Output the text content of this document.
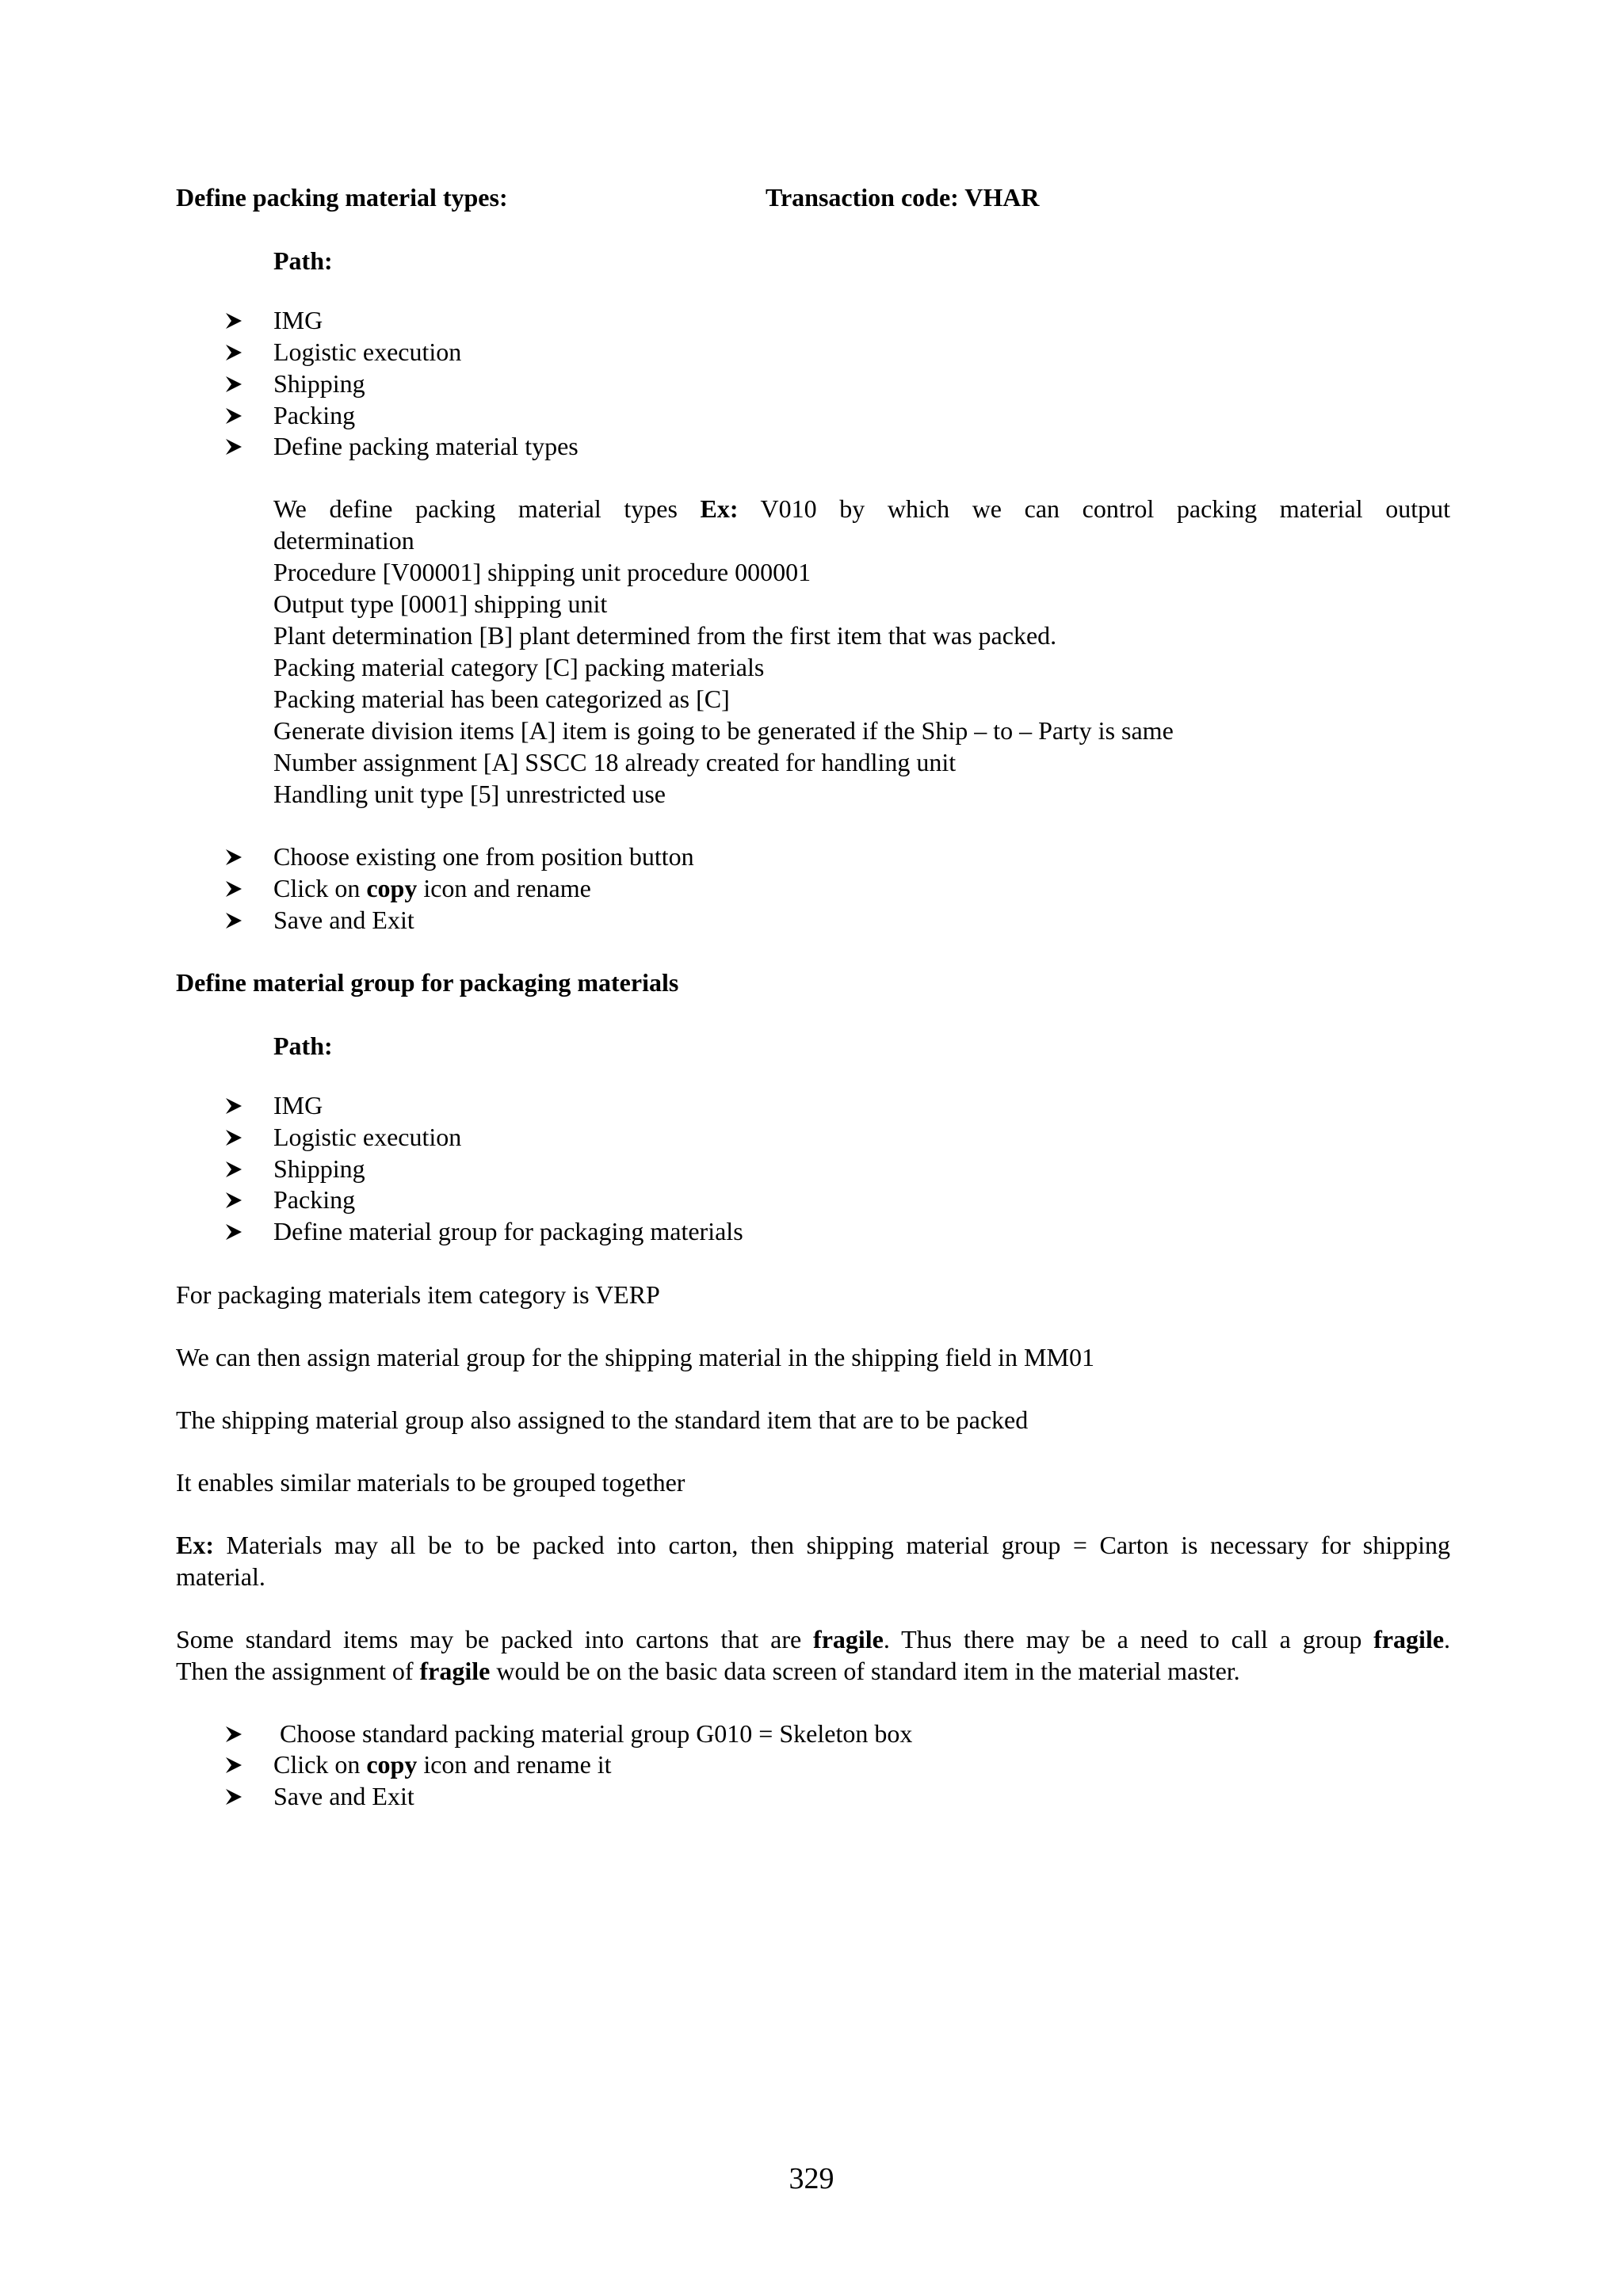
Define packing material types:	Transaction code: VHAR
Path:
IMG
Logistic execution
Shipping
Packing
Define packing material types
We define packing material types Ex: V010 by which we can control packing material output
determination
Procedure [V00001] shipping unit procedure 000001
Output type [0001] shipping unit
Plant determination [B] plant determined from the first item that was packed.
Packing material category [C] packing materials
Packing material has been categorized as [C]
Generate division items [A] item is going to be generated if the Ship – to – Party is same
Number assignment [A] SSCC 18 already created for handling unit
Handling unit type [5] unrestricted use
Choose existing one from position button
Click on copy icon and rename
Save and Exit
Define material group for packaging materials
Path:
IMG
Logistic execution
Shipping
Packing
Define material group for packaging materials
For packaging materials item category is VERP
We can then assign material group for the shipping material in the shipping field in MM01
The shipping material group also assigned to the standard item that are to be packed
It enables similar materials to be grouped together
Ex: Materials may all be to be packed into carton, then shipping material group = Carton is necessary for shipping
material.
Some standard items may be packed into cartons that are fragile. Thus there may be a need to call a group fragile.
Then the assignment of fragile would be on the basic data screen of standard item in the material master.
Choose standard packing material group G010 = Skeleton box
Click on copy icon and rename it
Save and Exit
329
